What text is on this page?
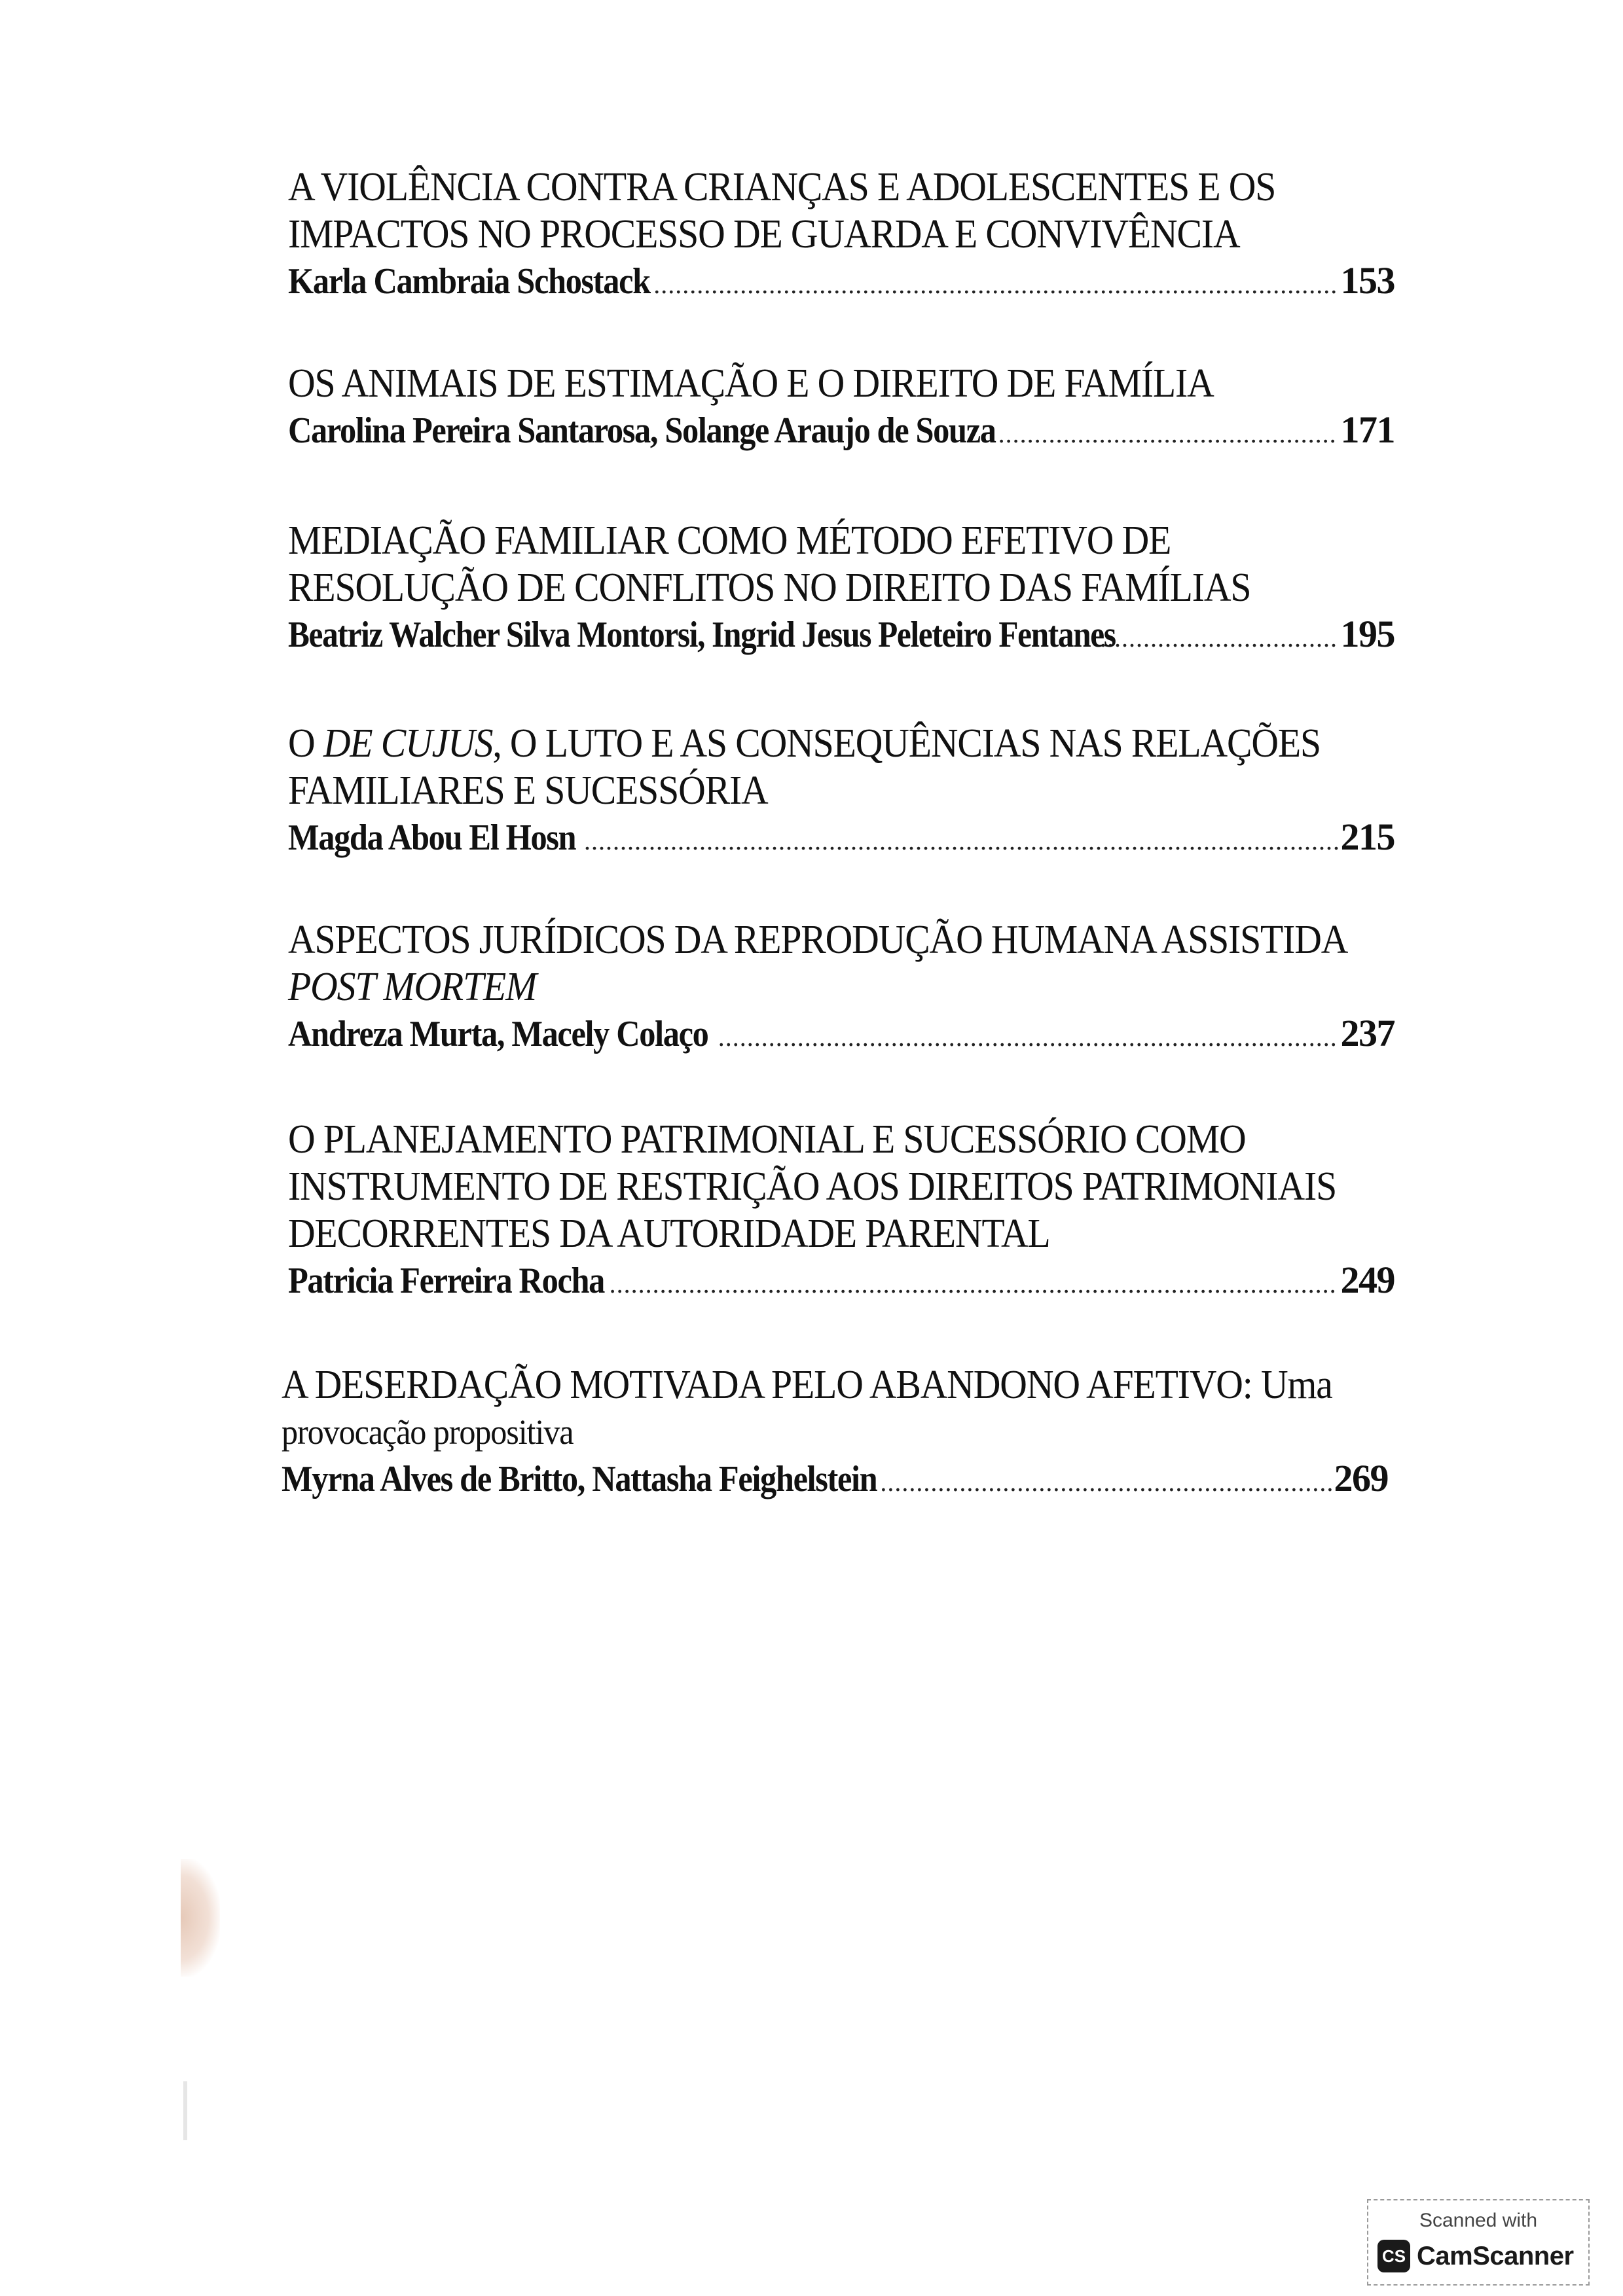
A VIOLÊNCIA CONTRA CRIANÇAS E ADOLESCENTES E OS
IMPACTOS NO PROCESSO DE GUARDA E CONVIVÊNCIA
Karla Cambraia Schostack .....	153
OS ANIMAIS DE ESTIMAÇÃO E O DIREITO DE FAMÍLIA
Carolina Pereira Santarosa, Solange Araujo de Souza .....	171
MEDIAÇÃO FAMILIAR COMO MÉTODO EFETIVO DE
RESOLUÇÃO DE CONFLITOS NO DIREITO DAS FAMÍLIAS
Beatriz Walcher Silva Montorsi, Ingrid Jesus Peleteiro Fentanes .....	195
O DE CUJUS, O LUTO E AS CONSEQUÊNCIAS NAS RELAÇÕES
FAMILIARES E SUCESSÓRIA
Magda Abou El Hosn .....	215
ASPECTOS JURÍDICOS DA REPRODUÇÃO HUMANA ASSISTIDA
POST MORTEM
Andreza Murta, Macely Colaço .....	237
O PLANEJAMENTO PATRIMONIAL E SUCESSÓRIO COMO
INSTRUMENTO DE RESTRIÇÃO AOS DIREITOS PATRIMONIAIS
DECORRENTES DA AUTORIDADE PARENTAL
Patricia Ferreira Rocha .....	249
A DESERDAÇÃO MOTIVADA PELO ABANDONO AFETIVO: Uma
provocação propositiva
Myrna Alves de Britto, Nattasha Feighelstein .....	269
Scanned with
CS CamScanner
